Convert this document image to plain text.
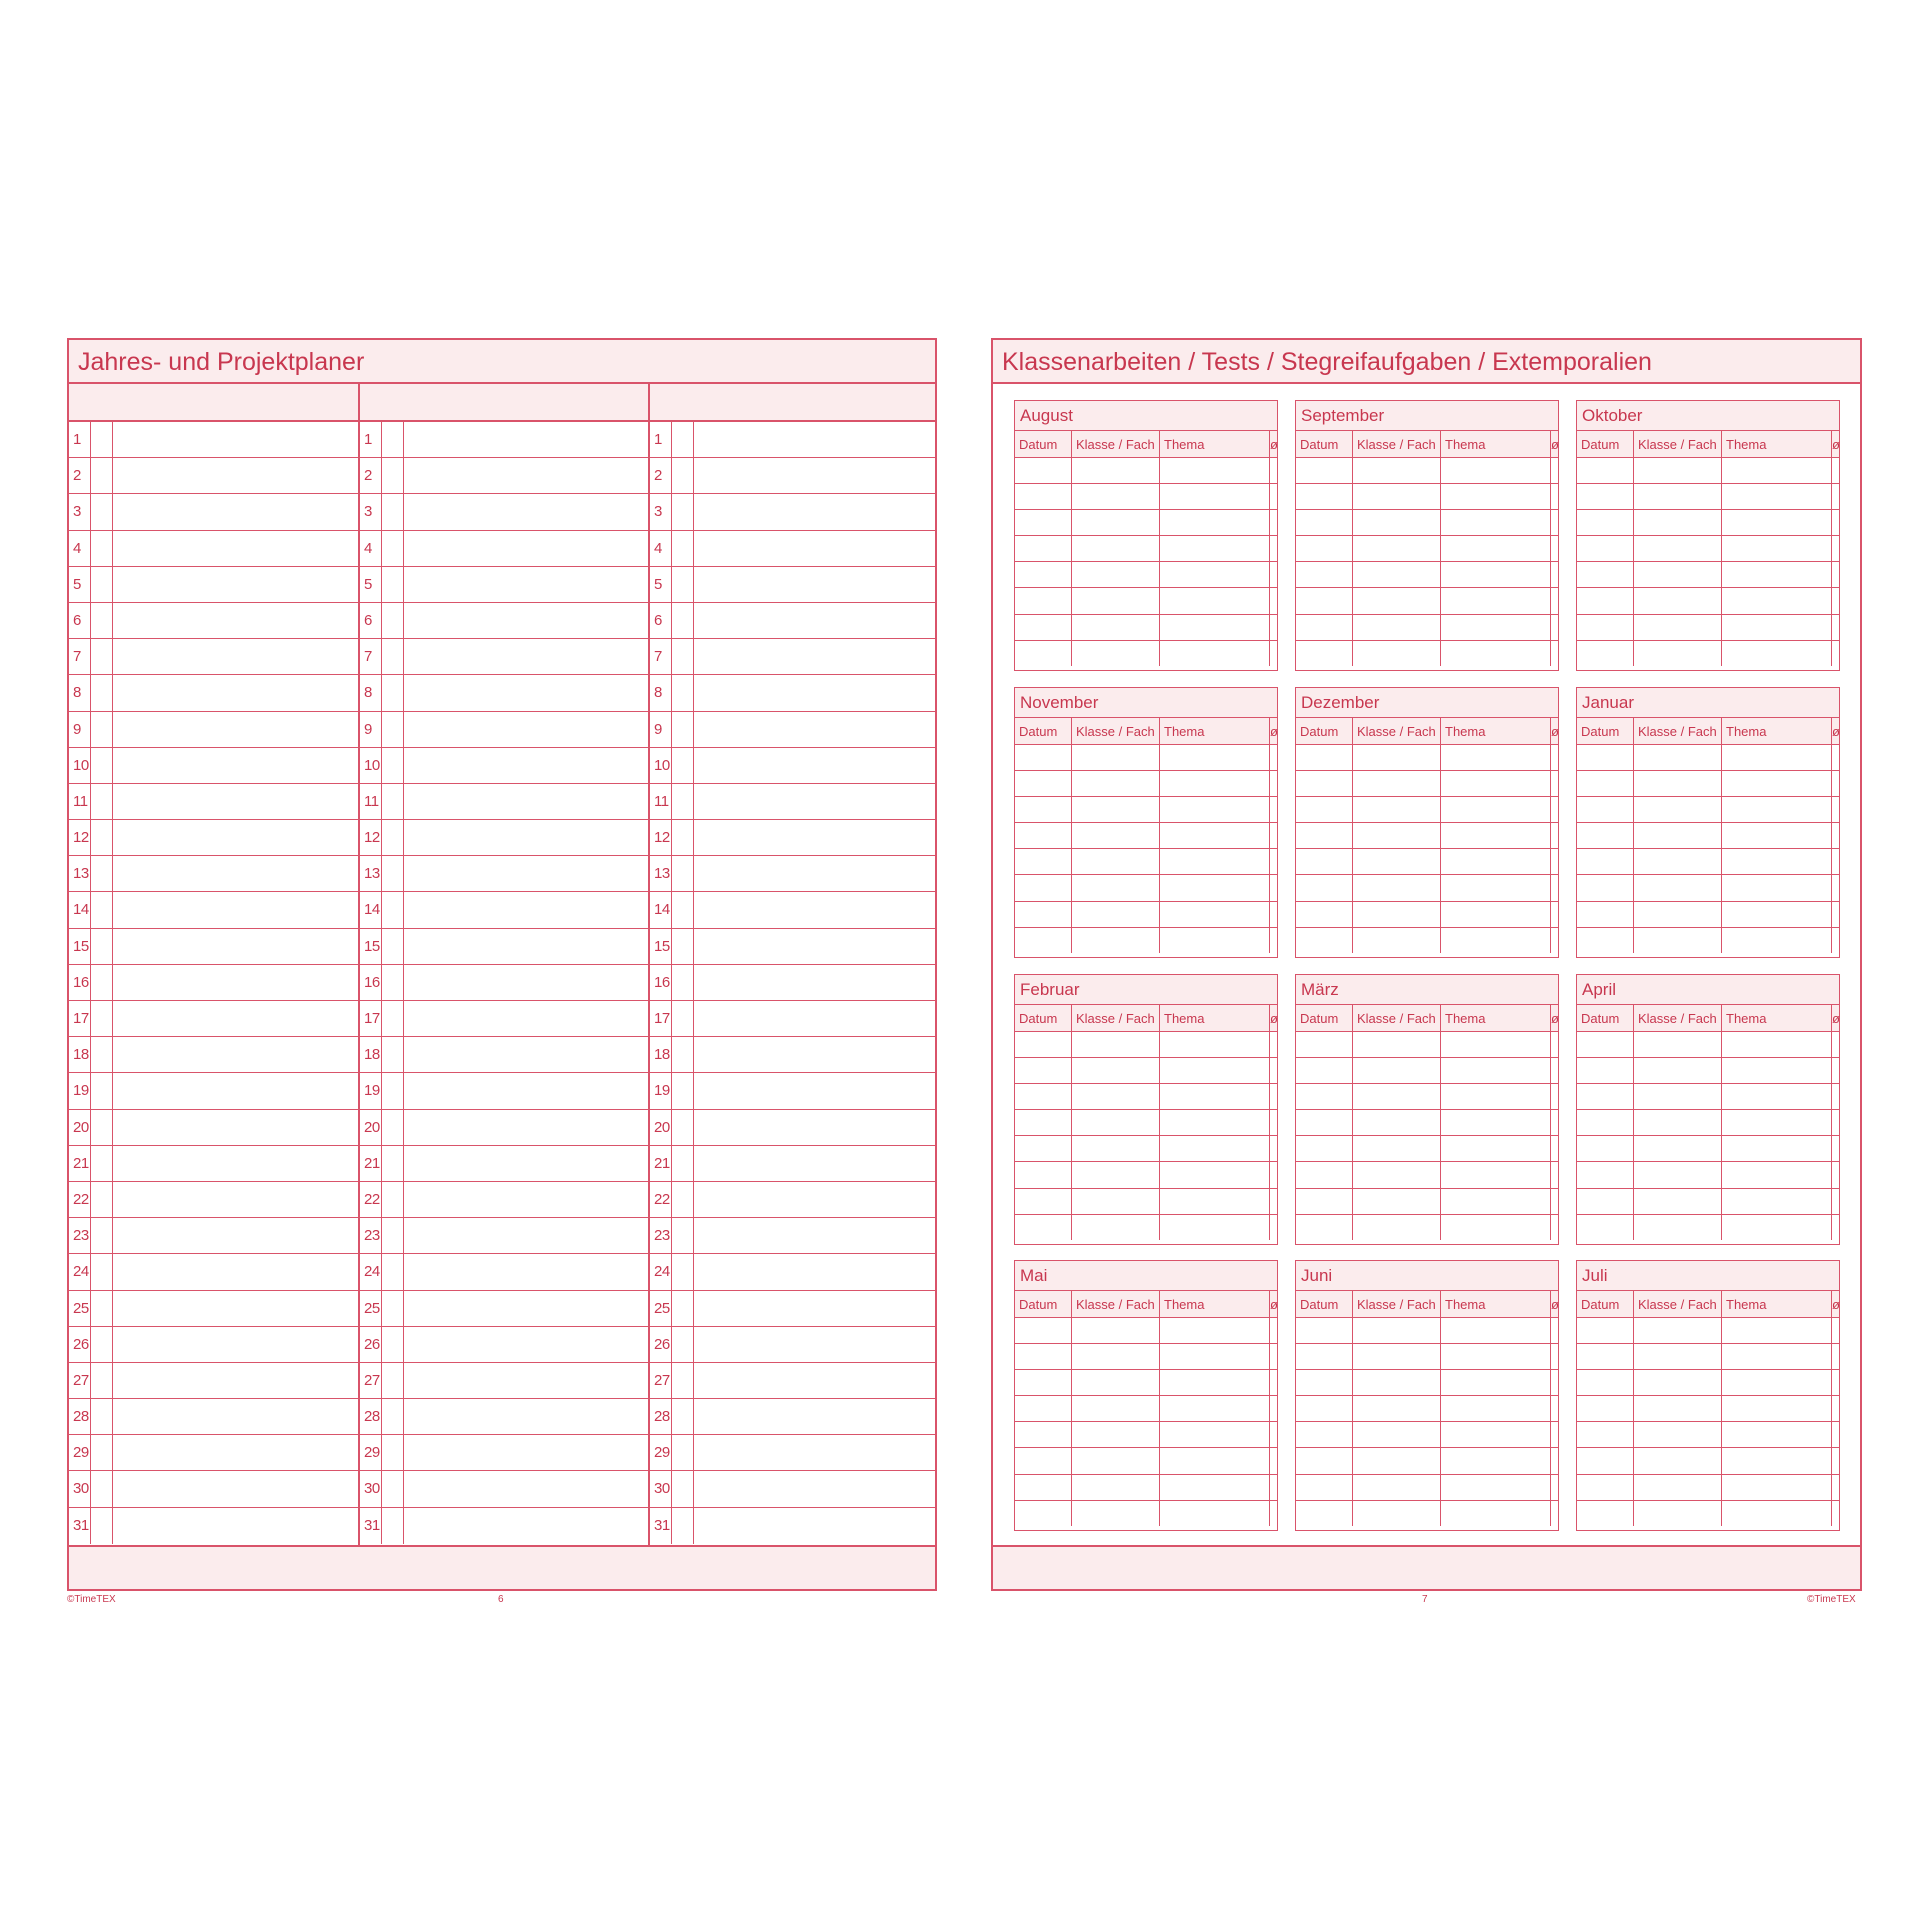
Jahres- und Projektplaner
1
2
3
4
5
6
7
8
9
10
11
12
13
14
15
16
17
18
19
20
21
22
23
24
25
26
27
28
29
30
31
1
2
3
4
5
6
7
8
9
10
11
12
13
14
15
16
17
18
19
20
21
22
23
24
25
26
27
28
29
30
31
1
2
3
4
5
6
7
8
9
10
11
12
13
14
15
16
17
18
19
20
21
22
23
24
25
26
27
28
29
30
31
©TimeTEX	6
Klassenarbeiten / Tests / Stegreifaufgaben / Extemporalien
August
Datum	Klasse / Fach	Thema	ø

September
Datum	Klasse / Fach	Thema	ø

Oktober
Datum	Klasse / Fach	Thema	ø

November
Datum	Klasse / Fach	Thema	ø

Dezember
Datum	Klasse / Fach	Thema	ø

Januar
Datum	Klasse / Fach	Thema	ø

Februar
Datum	Klasse / Fach	Thema	ø

März
Datum	Klasse / Fach	Thema	ø

April
Datum	Klasse / Fach	Thema	ø

Mai
Datum	Klasse / Fach	Thema	ø

Juni
Datum	Klasse / Fach	Thema	ø

Juli
Datum	Klasse / Fach	Thema	ø

7	©TimeTEX
